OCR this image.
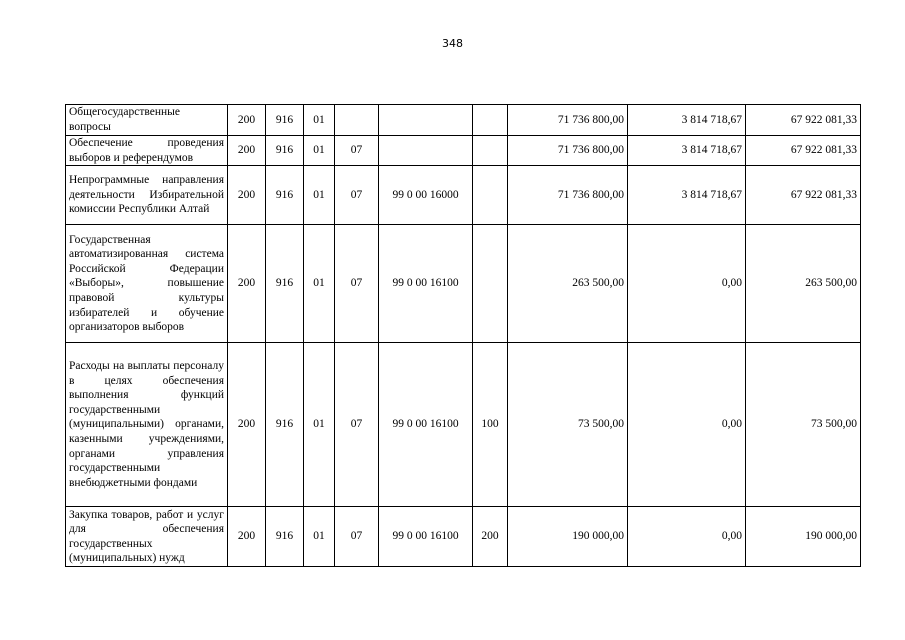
348
Общегосударственные вопросы	200	916	01				71 736 800,00	3 814 718,67	67 922 081,33
Обеспечение проведения выборов и референдумов	200	916	01	07			71 736 800,00	3 814 718,67	67 922 081,33
Непрограммные направления деятельности Избирательной комиссии Республики Алтай	200	916	01	07	99 0 00 16000		71 736 800,00	3 814 718,67	67 922 081,33
Государственная автоматизированная система Российской Федерации «Выборы», повышение правовой культуры избирателей и обучение организаторов выборов	200	916	01	07	99 0 00 16100		263 500,00	0,00	263 500,00
Расходы на выплаты персоналу в целях обеспечения выполнения функций государственными (муниципальными) органами, казенными учреждениями, органами управления государственными внебюджетными фондами	200	916	01	07	99 0 00 16100	100	73 500,00	0,00	73 500,00
Закупка товаров, работ и услуг для обеспечения государственных (муниципальных) нужд	200	916	01	07	99 0 00 16100	200	190 000,00	0,00	190 000,00
